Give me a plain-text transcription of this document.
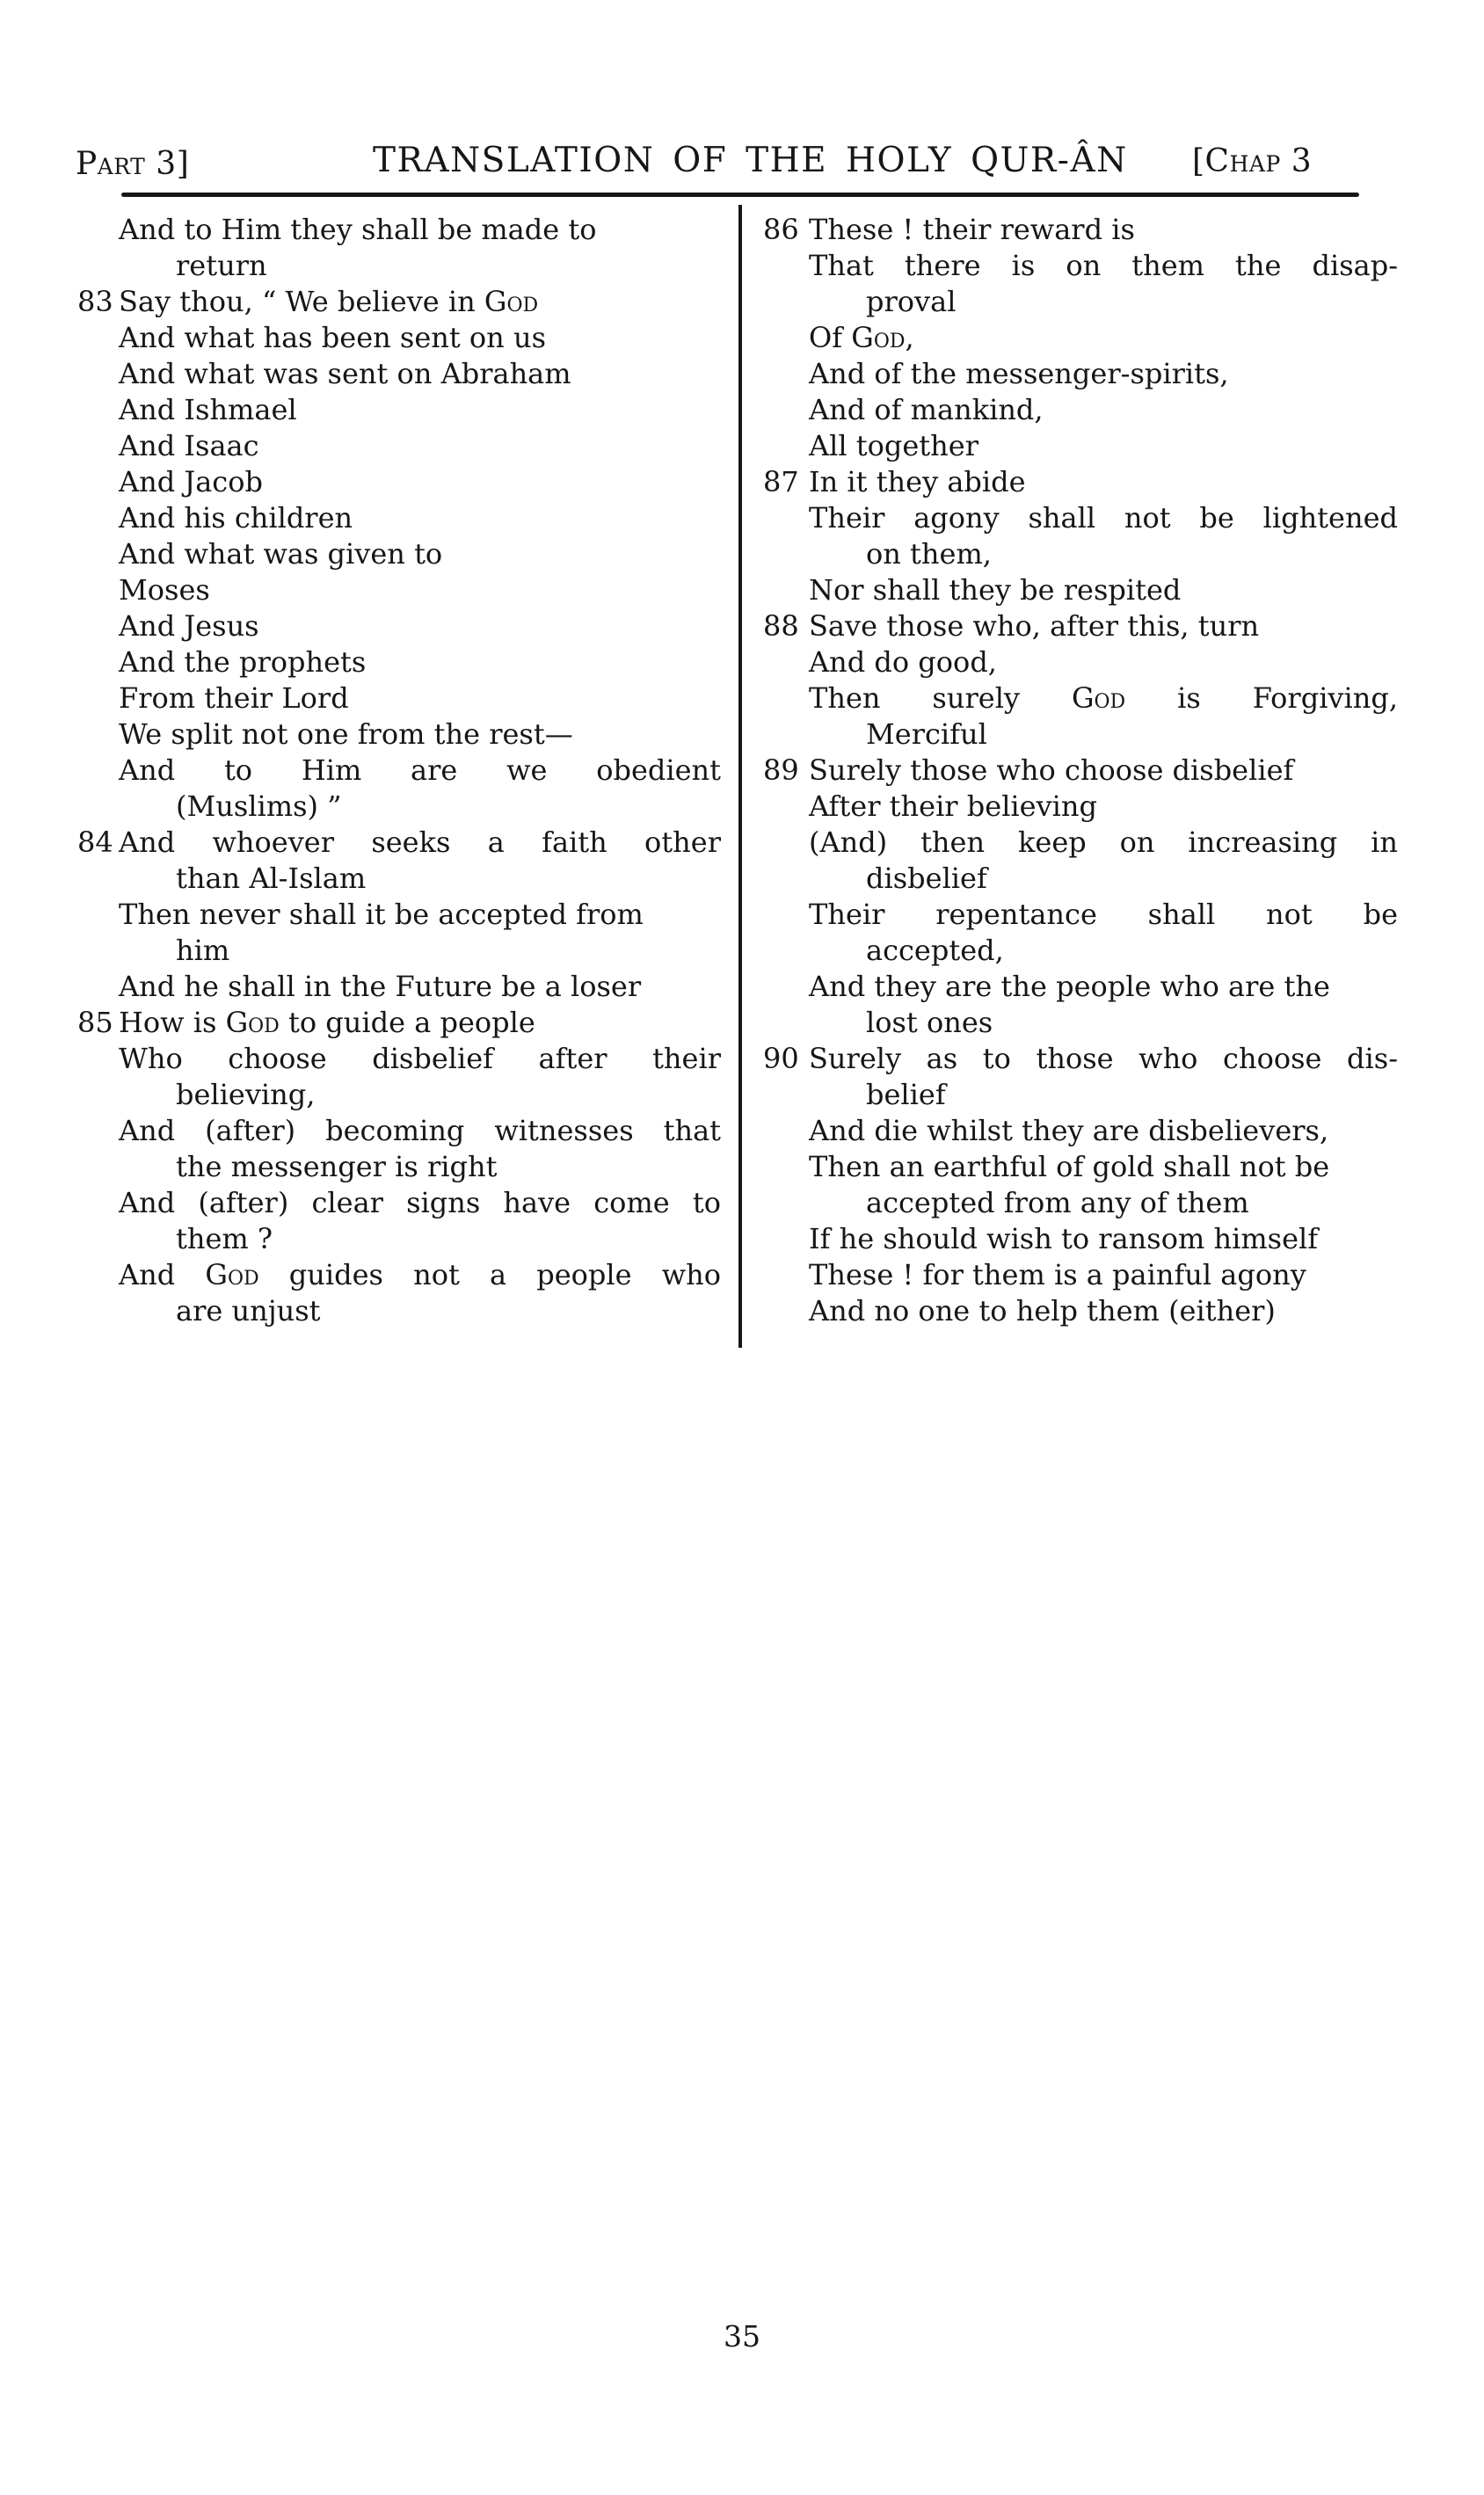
Part 3]	TRANSLATION OF THE HOLY QUR-ÂN [Chap 3
And to Him they shall be made to
return
83 Say thou, “ We believe in God
And what has been sent on us
And what was sent on Abraham
And Ishmael
And Isaac
And Jacob
And his children
And what was given to
Moses
And Jesus
And the prophets
From their Lord
We split not one from the rest—
And to Him are we obedient
(Muslims) ”
84 And whoever seeks a faith other
than Al-Islam
Then never shall it be accepted from
him
And he shall in the Future be a loser
85 How is God to guide a people
Who choose disbelief after their
believing,
And (after) becoming witnesses that
the messenger is right
And (after) clear signs have come to
them ?
And God guides not a people who
are unjust
86 These ! their reward is
That there is on them the disap-
proval
Of God,
And of the messenger-spirits,
And of mankind,
All together
87 In it they abide
Their agony shall not be lightened
on them,
Nor shall they be respited
88 Save those who, after this, turn
And do good,
Then surely God is Forgiving,
Merciful
89 Surely those who choose disbelief
After their believing
(And) then keep on increasing in
disbelief
Their repentance shall not be
accepted,
And they are the people who are the
lost ones
90 Surely as to those who choose dis-
belief
And die whilst they are disbelievers,
Then an earthful of gold shall not be
accepted from any of them
If he should wish to ransom himself
These ! for them is a painful agony
And no one to help them (either)
35
